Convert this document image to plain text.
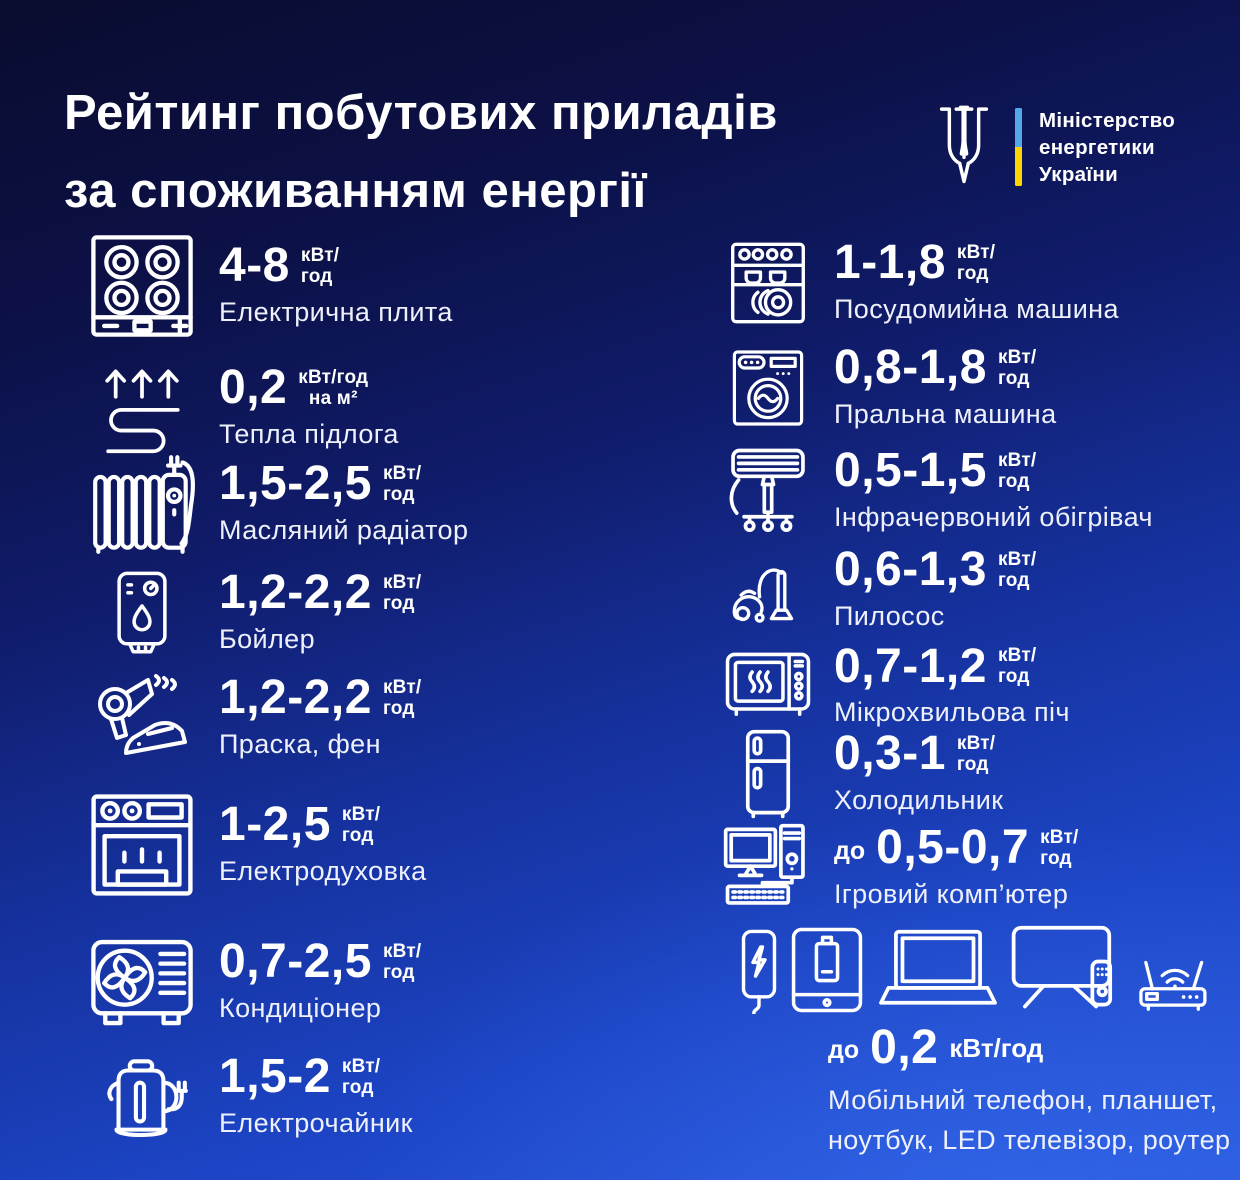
Рейтинг побутових приладів
за споживанням енергії
Міністерство
енергетики
України
4-8 кВт/
год
Електрична плита
0,2 кВт/год
на м²
Тепла підлога
1,5-2,5 кВт/
год
Масляний радіатор
1,2-2,2 кВт/
год
Бойлер
1,2-2,2 кВт/
год
Праска, фен
1-2,5 кВт/
год
Електродуховка
0,7-2,5 кВт/
год
Кондиціонер
1,5-2 кВт/
год
Електрочайник
1-1,8 кВт/
год
Посудомийна машина
0,8-1,8 кВт/
год
Пральна машина
0,5-1,5 кВт/
год
Інфрачервоний обігрівач
0,6-1,3 кВт/
год
Пилосос
0,7-1,2 кВт/
год
Мікрохвильова піч
0,3-1 кВт/
год
Холодильник
до 0,5-0,7 кВт/
год
Ігровий комп’ютер
до 0,2 кВт/год
Мобільний телефон, планшет,
ноутбук, LED телевізор, роутер
